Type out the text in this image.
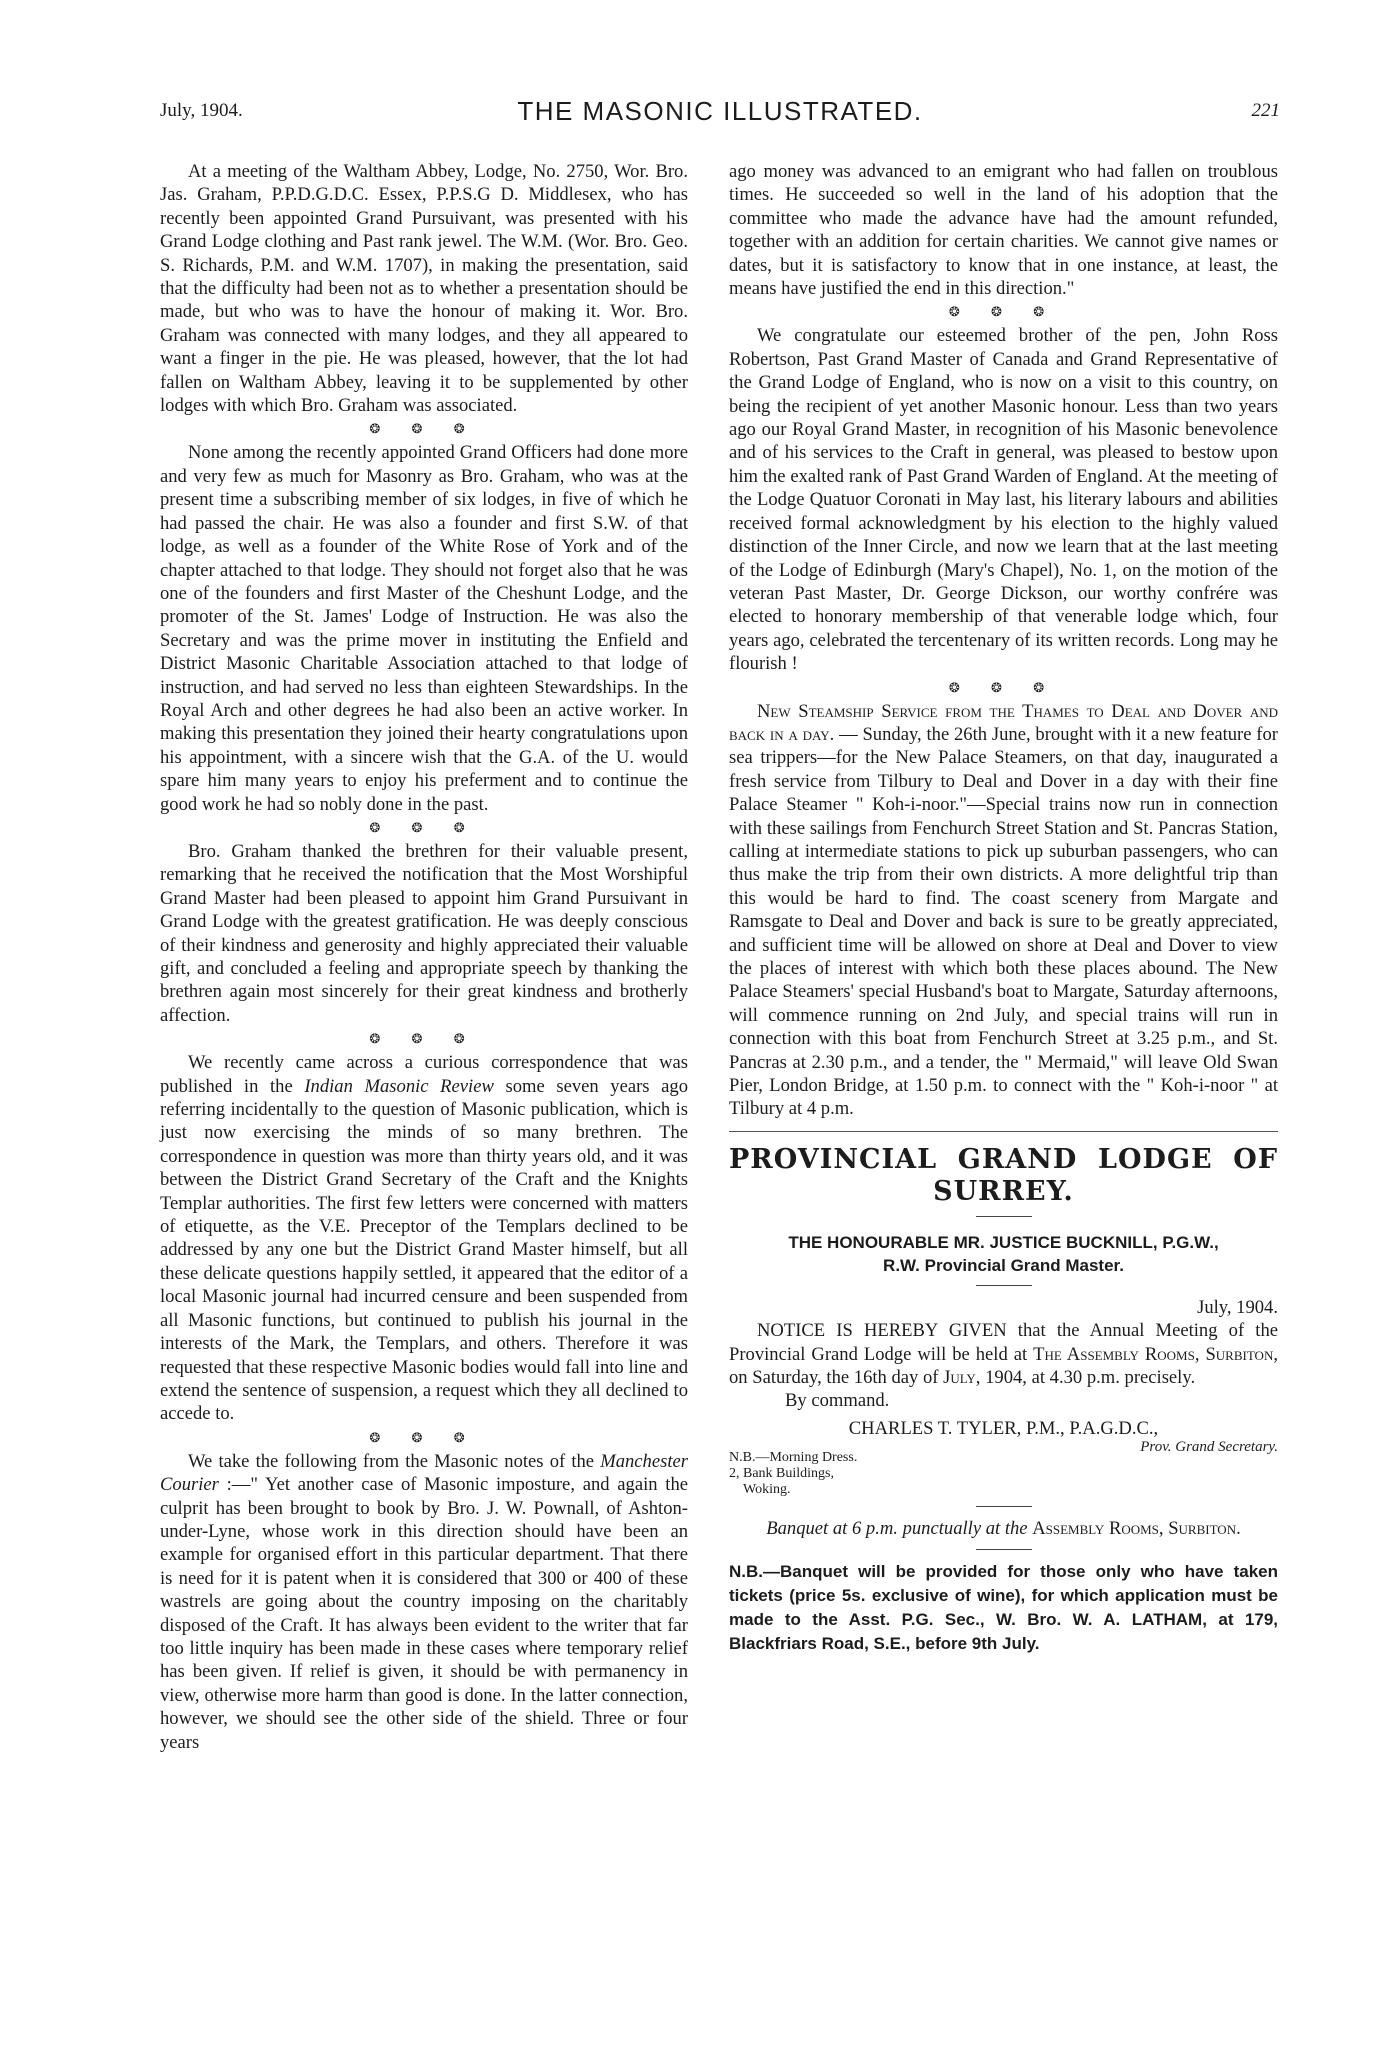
July, 1904.	THE MASONIC ILLUSTRATED.	221

At a meeting of the Waltham Abbey, Lodge, No. 2750, Wor. Bro. Jas. Graham, P.P.D.G.D.C. Essex, P.P.S.G D. Middlesex, who has recently been appointed Grand Pursuivant, was presented with his Grand Lodge clothing and Past rank jewel. The W.M. (Wor. Bro. Geo. S. Richards, P.M. and W.M. 1707), in making the presentation, said that the difficulty had been not as to whether a presentation should be made, but who was to have the honour of making it. Wor. Bro. Graham was connected with many lodges, and they all appeared to want a finger in the pie. He was pleased, however, that the lot had fallen on Waltham Abbey, leaving it to be supplemented by other lodges with which Bro. Graham was associated.

❂ ❂ ❂

None among the recently appointed Grand Officers had done more and very few as much for Masonry as Bro. Graham, who was at the present time a subscribing member of six lodges, in five of which he had passed the chair. He was also a founder and first S.W. of that lodge, as well as a founder of the White Rose of York and of the chapter attached to that lodge. They should not forget also that he was one of the founders and first Master of the Cheshunt Lodge, and the promoter of the St. James' Lodge of Instruction. He was also the Secretary and was the prime mover in instituting the Enfield and District Masonic Charitable Association attached to that lodge of instruction, and had served no less than eighteen Stewardships. In the Royal Arch and other degrees he had also been an active worker. In making this presentation they joined their hearty congratulations upon his appointment, with a sincere wish that the G.A. of the U. would spare him many years to enjoy his preferment and to continue the good work he had so nobly done in the past.

❂ ❂ ❂

Bro. Graham thanked the brethren for their valuable present, remarking that he received the notification that the Most Worshipful Grand Master had been pleased to appoint him Grand Pursuivant in Grand Lodge with the greatest gratification. He was deeply conscious of their kindness and generosity and highly appreciated their valuable gift, and concluded a feeling and appropriate speech by thanking the brethren again most sincerely for their great kindness and brotherly affection.

❂ ❂ ❂

We recently came across a curious correspondence that was published in the Indian Masonic Review some seven years ago referring incidentally to the question of Masonic publication, which is just now exercising the minds of so many brethren. The correspondence in question was more than thirty years old, and it was between the District Grand Secretary of the Craft and the Knights Templar authorities. The first few letters were concerned with matters of etiquette, as the V.E. Preceptor of the Templars declined to be addressed by any one but the District Grand Master himself, but all these delicate questions happily settled, it appeared that the editor of a local Masonic journal had incurred censure and been suspended from all Masonic functions, but continued to publish his journal in the interests of the Mark, the Templars, and others. Therefore it was requested that these respective Masonic bodies would fall into line and extend the sentence of suspension, a request which they all declined to accede to.

❂ ❂ ❂

We take the following from the Masonic notes of the Manchester Courier :—" Yet another case of Masonic imposture, and again the culprit has been brought to book by Bro. J. W. Pownall, of Ashton-under-Lyne, whose work in this direction should have been an example for organised effort in this particular department. That there is need for it is patent when it is considered that 300 or 400 of these wastrels are going about the country imposing on the charitably disposed of the Craft. It has always been evident to the writer that far too little inquiry has been made in these cases where temporary relief has been given. If relief is given, it should be with permanency in view, otherwise more harm than good is done. In the latter connection, however, we should see the other side of the shield. Three or four years

ago money was advanced to an emigrant who had fallen on troublous times. He succeeded so well in the land of his adoption that the committee who made the advance have had the amount refunded, together with an addition for certain charities. We cannot give names or dates, but it is satisfactory to know that in one instance, at least, the means have justified the end in this direction."

❂ ❂ ❂

We congratulate our esteemed brother of the pen, John Ross Robertson, Past Grand Master of Canada and Grand Representative of the Grand Lodge of England, who is now on a visit to this country, on being the recipient of yet another Masonic honour. Less than two years ago our Royal Grand Master, in recognition of his Masonic benevolence and of his services to the Craft in general, was pleased to bestow upon him the exalted rank of Past Grand Warden of England. At the meeting of the Lodge Quatuor Coronati in May last, his literary labours and abilities received formal acknowledgment by his election to the highly valued distinction of the Inner Circle, and now we learn that at the last meeting of the Lodge of Edinburgh (Mary's Chapel), No. 1, on the motion of the veteran Past Master, Dr. George Dickson, our worthy confrére was elected to honorary membership of that venerable lodge which, four years ago, celebrated the tercentenary of its written records. Long may he flourish !

❂ ❂ ❂

New Steamship Service from the Thames to Deal and Dover and back in a day. — Sunday, the 26th June, brought with it a new feature for sea trippers—for the New Palace Steamers, on that day, inaugurated a fresh service from Tilbury to Deal and Dover in a day with their fine Palace Steamer " Koh-i-noor."—Special trains now run in connection with these sailings from Fenchurch Street Station and St. Pancras Station, calling at intermediate stations to pick up suburban passengers, who can thus make the trip from their own districts. A more delightful trip than this would be hard to find. The coast scenery from Margate and Ramsgate to Deal and Dover and back is sure to be greatly appreciated, and sufficient time will be allowed on shore at Deal and Dover to view the places of interest with which both these places abound. The New Palace Steamers' special Husband's boat to Margate, Saturday afternoons, will commence running on 2nd July, and special trains will run in connection with this boat from Fenchurch Street at 3.25 p.m., and St. Pancras at 2.30 p.m., and a tender, the " Mermaid," will leave Old Swan Pier, London Bridge, at 1.50 p.m. to connect with the " Koh-i-noor " at Tilbury at 4 p.m.

PROVINCIAL GRAND LODGE OF SURREY.
THE HONOURABLE MR. JUSTICE BUCKNILL, P.G.W.,
R.W. Provincial Grand Master.
July, 1904.

NOTICE IS HEREBY GIVEN that the Annual Meeting of the Provincial Grand Lodge will be held at The Assembly Rooms, Surbiton, on Saturday, the 16th day of July, 1904, at 4.30 p.m. precisely.

By command.

CHARLES T. TYLER, P.M., P.A.G.D.C.,
Prov. Grand Secretary.
N.B.—Morning Dress.
2, Bank Buildings,
Woking.
Banquet at 6 p.m. punctually at the Assembly Rooms, Surbiton.
N.B.—Banquet will be provided for those only who have taken tickets (price 5s. exclusive of wine), for which application must be made to the Asst. P.G. Sec., W. Bro. W. A. LATHAM, at 179, Blackfriars Road, S.E., before 9th July.
